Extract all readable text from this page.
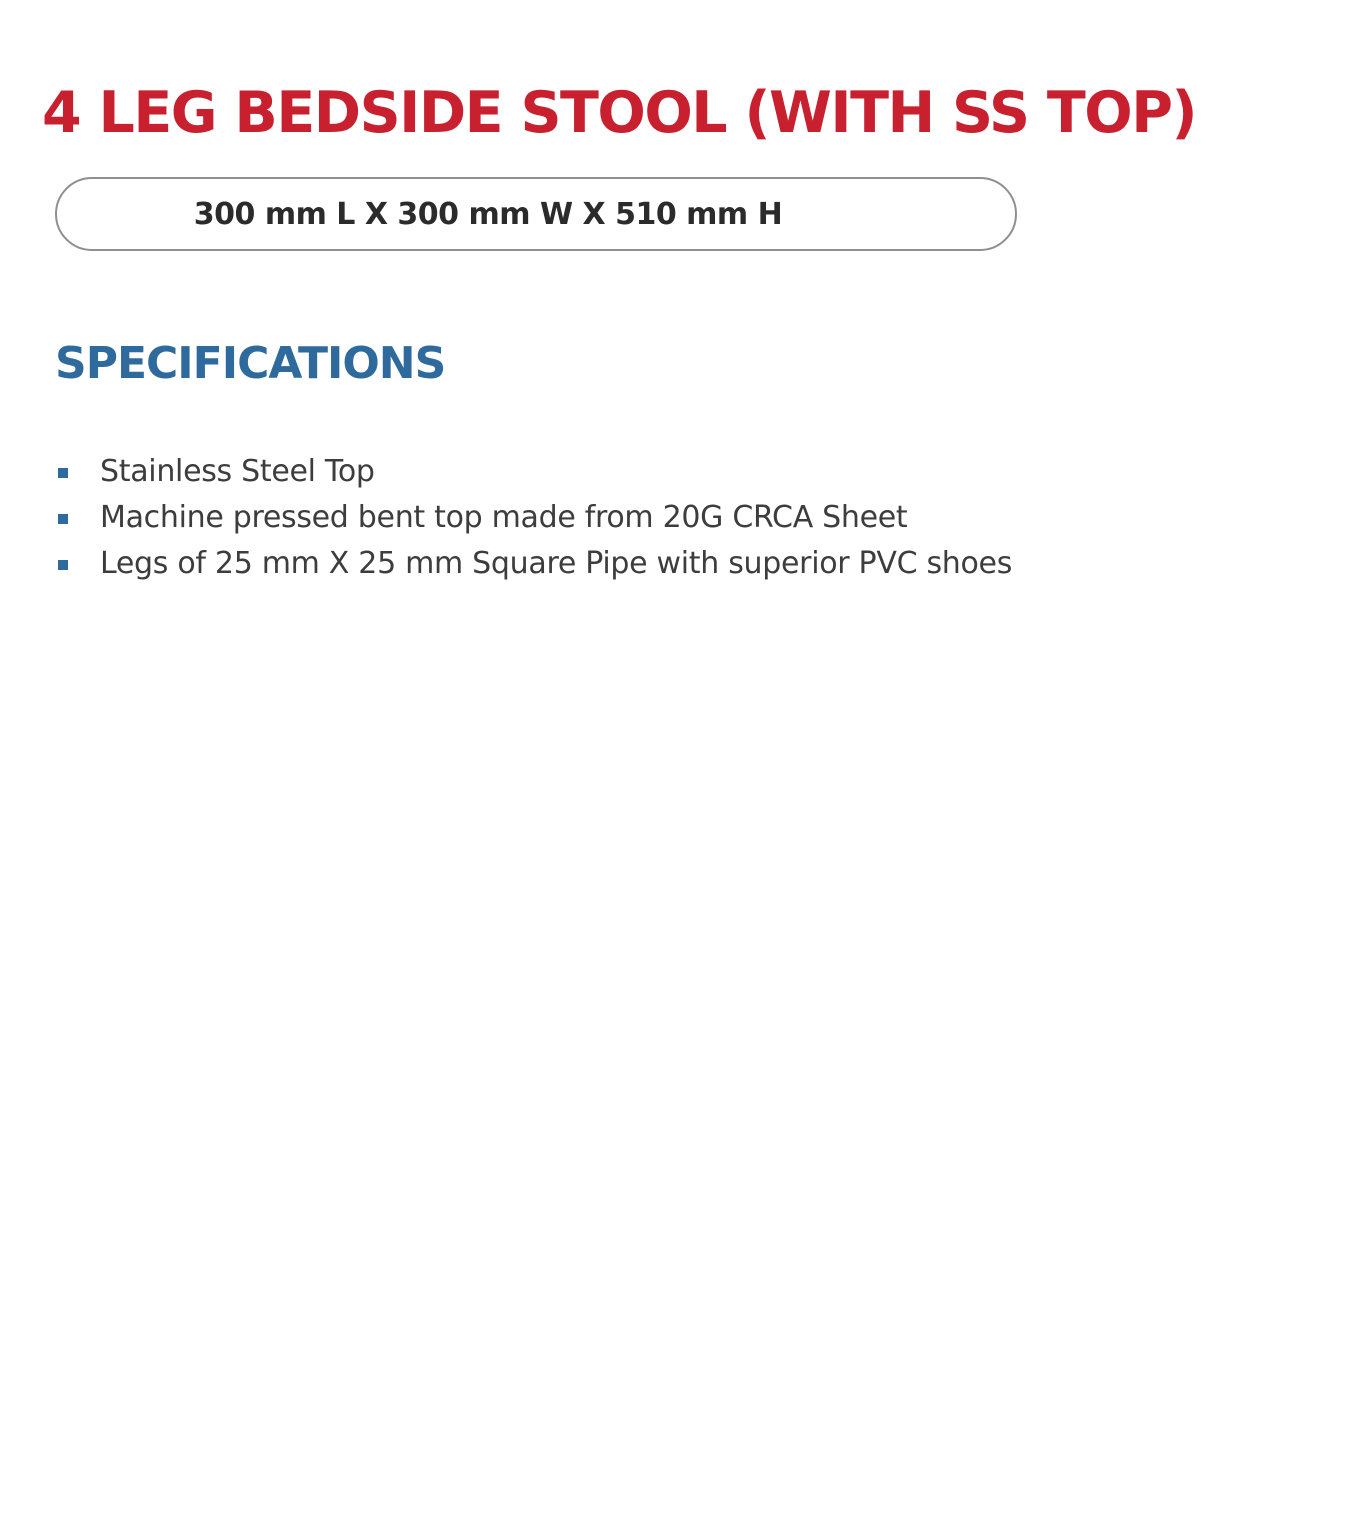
4 LEG BEDSIDE STOOL (WITH SS TOP)
300 mm L X 300 mm W X 510 mm H
SPECIFICATIONS
Stainless Steel Top
Machine pressed bent top made from 20G CRCA Sheet
Legs of 25 mm X 25 mm Square Pipe with superior PVC shoes
